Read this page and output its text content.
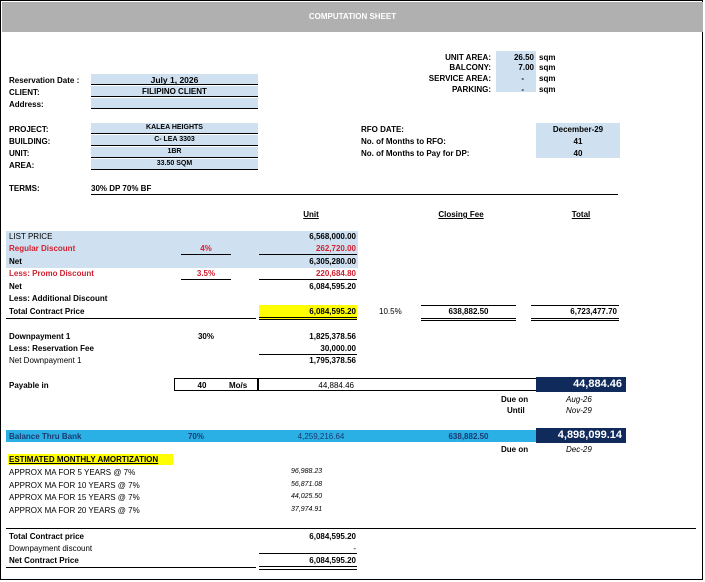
COMPUTATION SHEET
UNIT AREA:	26.50 sqm
BALCONY:	7.00 sqm
SERVICE AREA:	- sqm
PARKING:	- sqm
Reservation Date :	July 1, 2026
CLIENT:	FILIPINO CLIENT
Address:
PROJECT:	KALEA HEIGHTS
BUILDING:	C- LEA 3303
UNIT:	1BR
AREA:	33.50 SQM
RFO DATE:	December-29
No. of Months to RFO:	41
No. of Months to Pay for DP:	40
TERMS:	30% DP 70% BF
Unit	Closing Fee	Total
LIST PRICE	6,568,000.00
Regular Discount	4%	262,720.00
Net	6,305,280.00
Less: Promo Discount	3.5%	220,684.80
Net	6,084,595.20
Less: Additional Discount
Total Contract Price	6,084,595.20	10.5%	638,882.50	6,723,477.70
Downpayment 1	30%	1,825,378.56
Less: Reservation Fee	30,000.00
Net Downpayment 1	1,795,378.56
Payable in	40	Mo/s	44,884.46	44,884.46
Due on	Aug-26
Until	Nov-29
Balance Thru Bank	70%	4,259,216.64	638,882.50	4,898,099.14
Due on	Dec-29
ESTIMATED MONTHLY AMORTIZATION
APPROX MA FOR 5 YEARS @ 7%	96,988.23
APPROX MA FOR 10 YEARS @ 7%	56,871.08
APPROX MA FOR 15 YEARS @ 7%	44,025.50
APPROX MA FOR 20 YEARS @ 7%	37,974.91
Total Contract price	6,084,595.20
Downpayment discount	-
Net Contract Price	6,084,595.20
